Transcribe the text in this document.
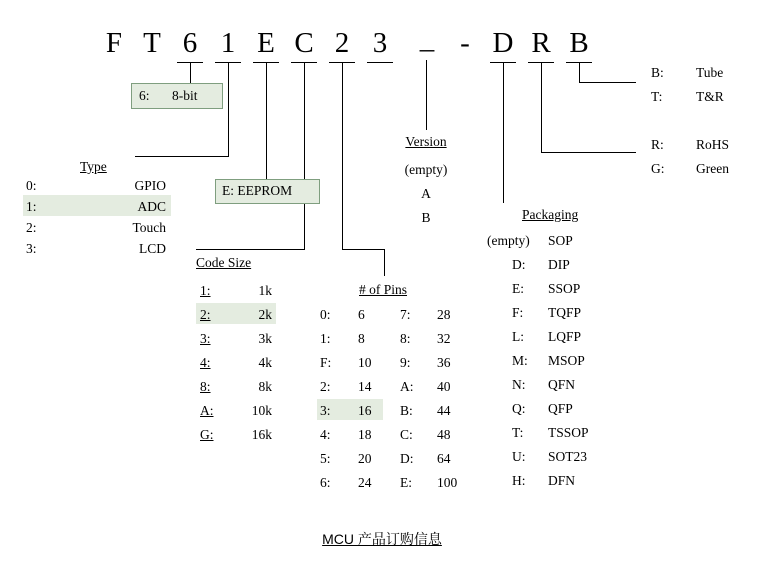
F T 6 1 E C 2 3 _ - D R B
6: 8-bit
Type
0:	GPIO
1:	ADC
2:	Touch
3:	LCD
E: EEPROM
Code Size
1:	1k
2:	2k
3:	3k
4:	4k
8:	8k
A:	10k
G:	16k
# of Pins
0: 6
1: 8
F: 10
2: 14
3: 16
4: 18
5: 20
6: 24
7: 28
8: 32
9: 36
A: 40
B: 44
C: 48
D: 64
E: 100
Version
(empty)
A
B	Packaging
(empty) SOP
D: DIP
E: SSOP
F: TQFP
L: LQFP
M: MSOP
N: QFN
Q: QFP
T: TSSOP
U: SOT23
H: DFN
R: RoHS
G: Green
B: Tube
T: T&R
MCU 产品订购信息
